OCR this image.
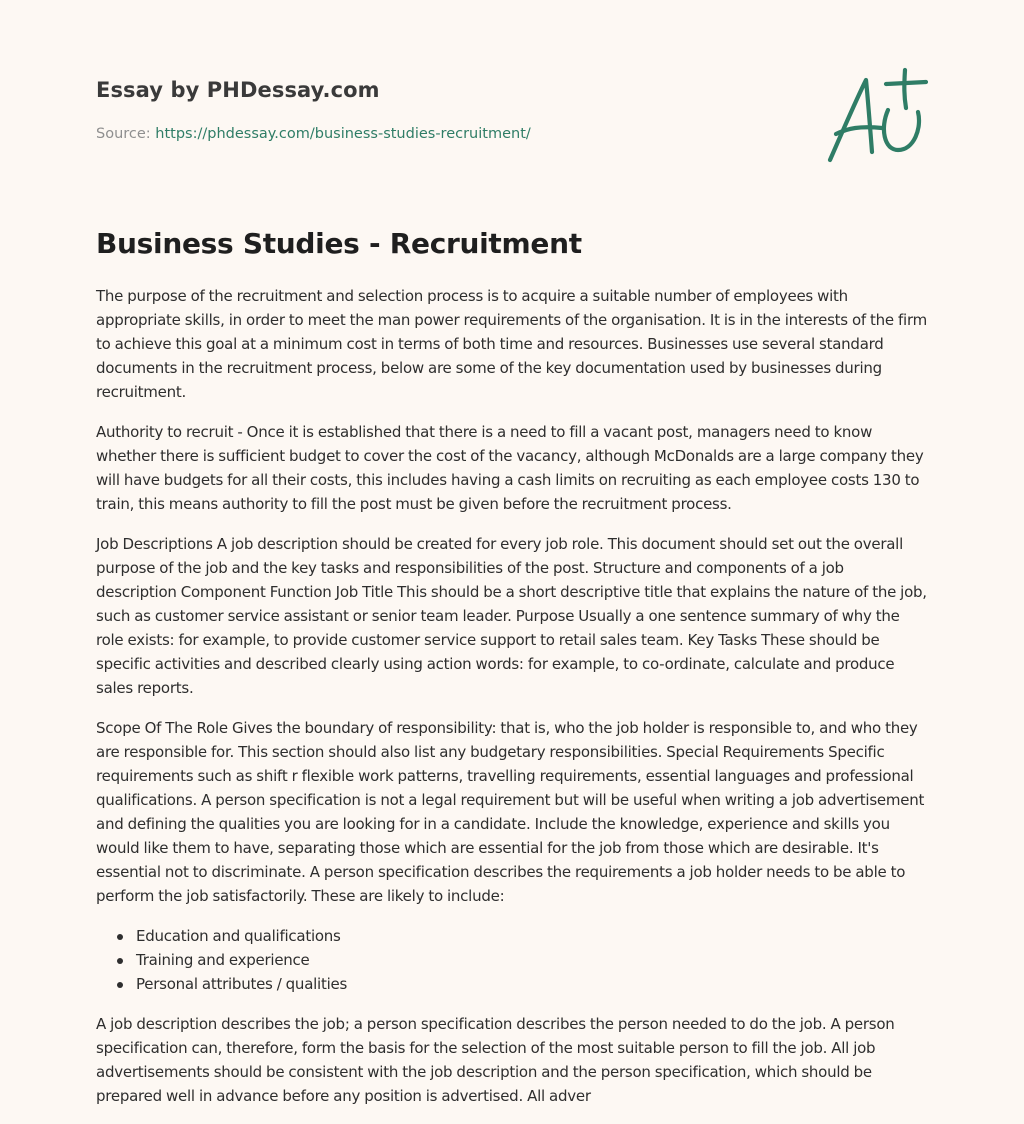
Essay by PHDessay.com
Source: https://phdessay.com/business-studies-recruitment/
Business Studies - Recruitment

The purpose of the recruitment and selection process is to acquire a suitable number of employees with appropriate skills, in order to meet the man power requirements of the organisation. It is in the interests of the firm to achieve this goal at a minimum cost in terms of both time and resources. Businesses use several standard documents in the recruitment process, below are some of the key documentation used by businesses during recruitment.

Authority to recruit - Once it is established that there is a need to fill a vacant post, managers need to know whether there is sufficient budget to cover the cost of the vacancy, although McDonalds are a large company they will have budgets for all their costs, this includes having a cash limits on recruiting as each employee costs 130 to train, this means authority to fill the post must be given before the recruitment process.

Job Descriptions A job description should be created for every job role. This document should set out the overall purpose of the job and the key tasks and responsibilities of the post. Structure and components of a job description Component Function Job Title This should be a short descriptive title that explains the nature of the job, such as customer service assistant or senior team leader. Purpose Usually a one sentence summary of why the role exists: for example, to provide customer service support to retail sales team. Key Tasks These should be specific activities and described clearly using action words: for example, to co-ordinate, calculate and produce sales reports.

Scope Of The Role Gives the boundary of responsibility: that is, who the job holder is responsible to, and who they are responsible for. This section should also list any budgetary responsibilities. Special Requirements Specific requirements such as shift r flexible work patterns, travelling requirements, essential languages and professional qualifications. A person specification is not a legal requirement but will be useful when writing a job advertisement and defining the qualities you are looking for in a candidate. Include the knowledge, experience and skills you would like them to have, separating those which are essential for the job from those which are desirable. It's essential not to discriminate. A person specification describes the requirements a job holder needs to be able to perform the job satisfactorily. These are likely to include:

Education and qualifications
Training and experience
Personal attributes / qualities

A job description describes the job; a person specification describes the person needed to do the job. A person specification can, therefore, form the basis for the selection of the most suitable person to fill the job. All job advertisements should be consistent with the job description and the person specification, which should be prepared well in advance before any position is advertised. All adver
